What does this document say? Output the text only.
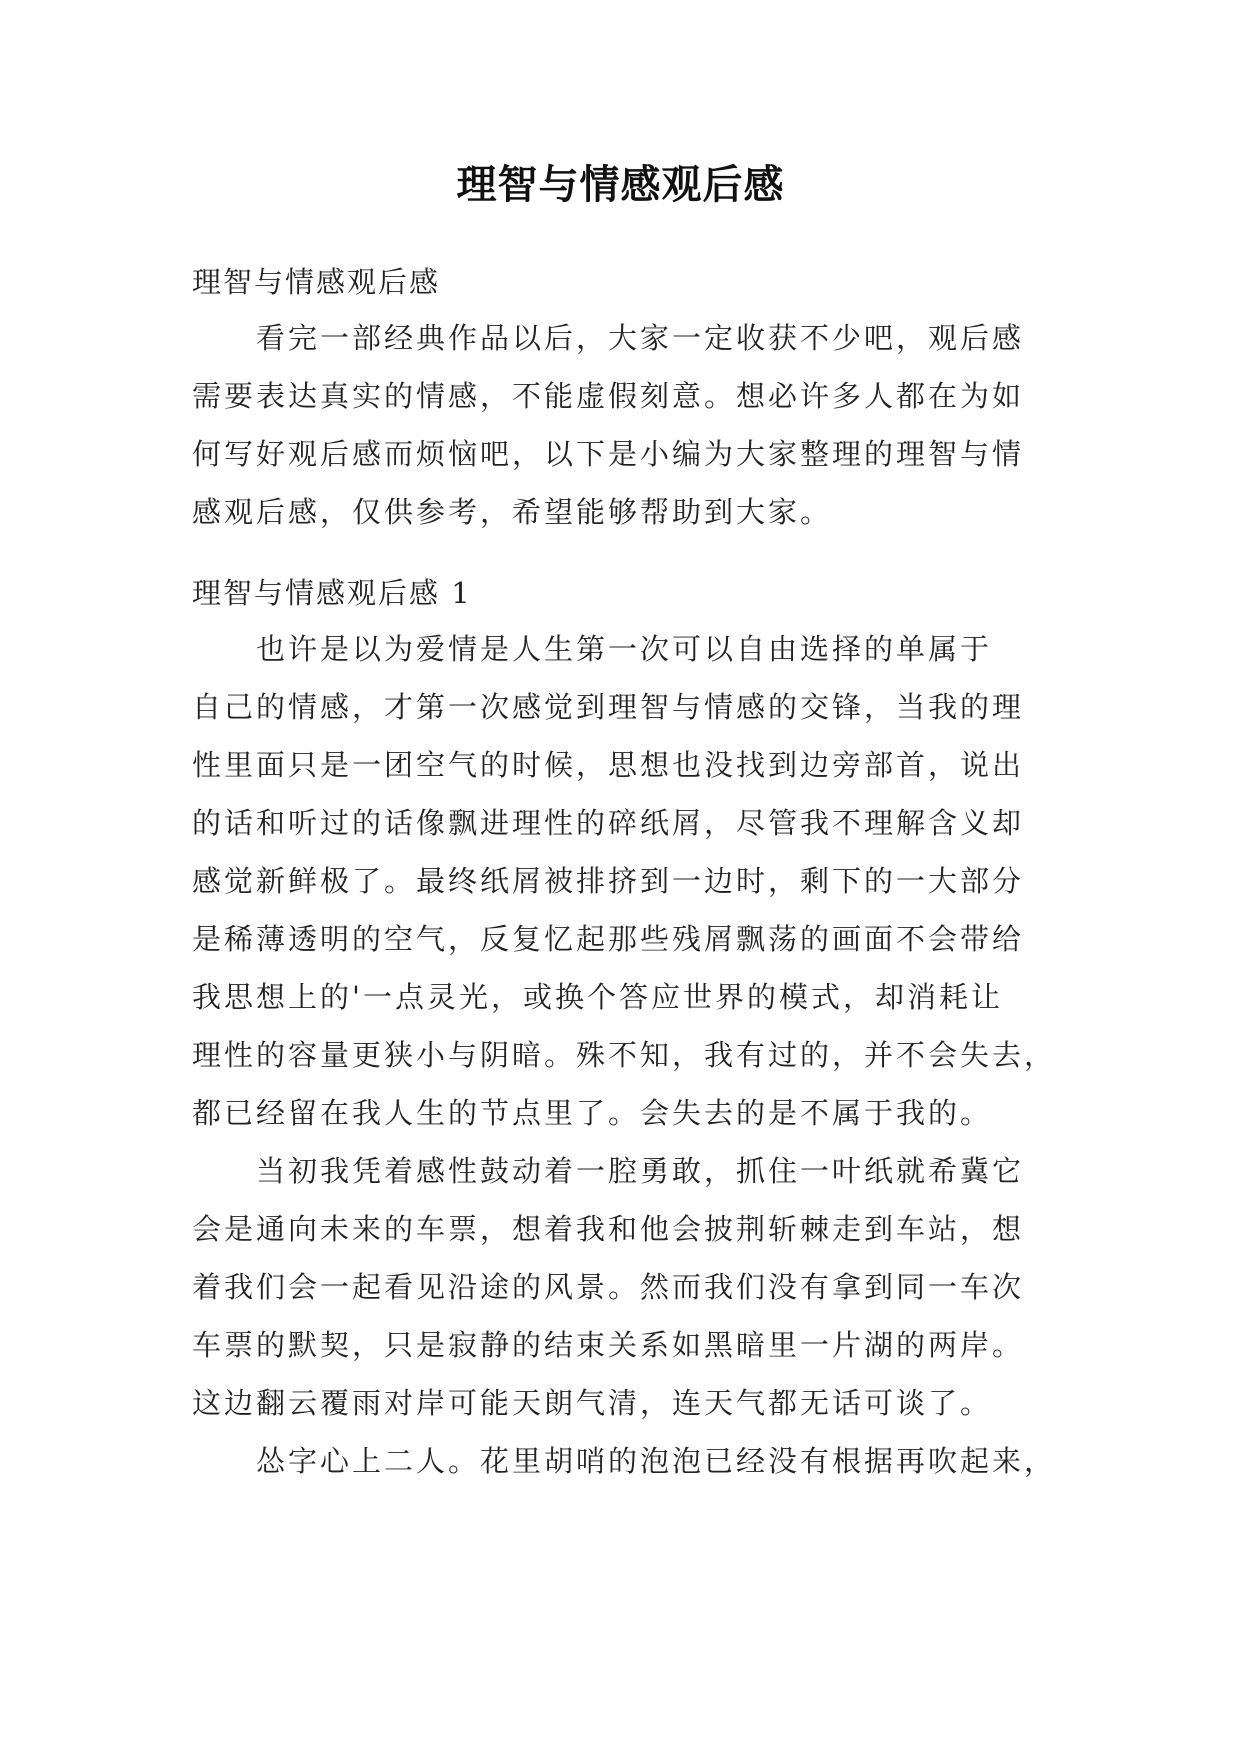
理智与情感观后感
理智与情感观后感
看完一部经典作品以后，大家一定收获不少吧，观后感
需要表达真实的情感，不能虚假刻意。想必许多人都在为如
何写好观后感而烦恼吧，以下是小编为大家整理的理智与情
感观后感，仅供参考，希望能够帮助到大家。
理智与情感观后感 1
也许是以为爱情是人生第一次可以自由选择的单属于
自己的情感，才第一次感觉到理智与情感的交锋，当我的理
性里面只是一团空气的时候，思想也没找到边旁部首，说出
的话和听过的话像飘进理性的碎纸屑，尽管我不理解含义却
感觉新鲜极了。最终纸屑被排挤到一边时，剩下的一大部分
是稀薄透明的空气，反复忆起那些残屑飘荡的画面不会带给
我思想上的'一点灵光，或换个答应世界的模式，却消耗让
理性的容量更狭小与阴暗。殊不知，我有过的，并不会失去，
都已经留在我人生的节点里了。会失去的是不属于我的。
当初我凭着感性鼓动着一腔勇敢，抓住一叶纸就希冀它
会是通向未来的车票，想着我和他会披荆斩棘走到车站，想
着我们会一起看见沿途的风景。然而我们没有拿到同一车次
车票的默契，只是寂静的结束关系如黑暗里一片湖的两岸。
这边翻云覆雨对岸可能天朗气清，连天气都无话可谈了。
怂字心上二人。花里胡哨的泡泡已经没有根据再吹起来，
